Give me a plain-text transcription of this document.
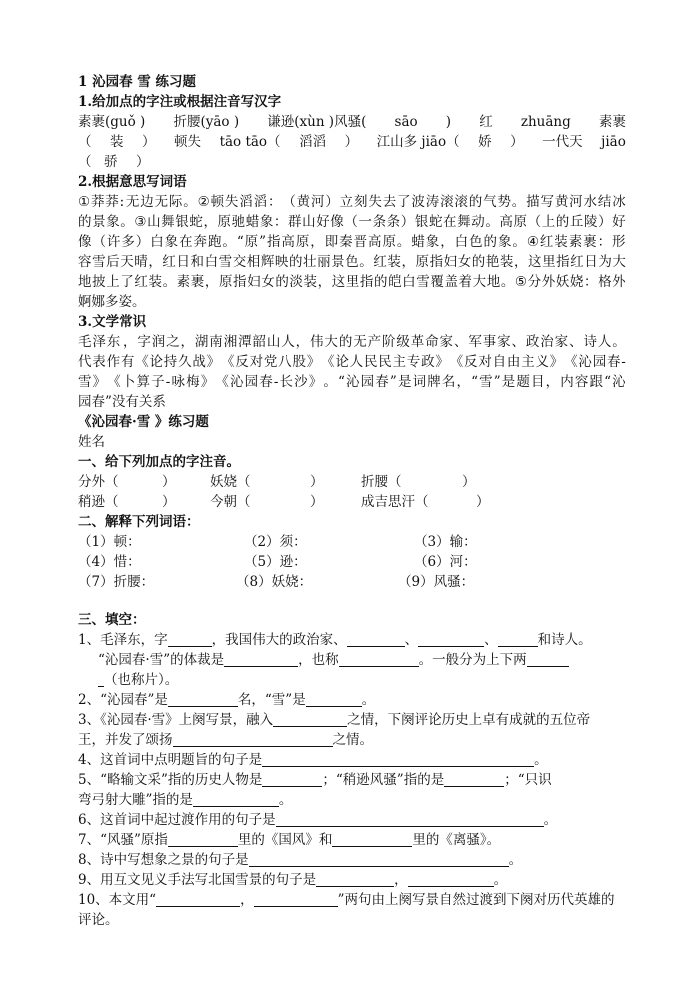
1 沁园春 雪 练习题
1.给加点的字注或根据注音写汉字
素裹(guǒ ) 折腰(yāo ) 谦逊(xùn )风骚( sāo ) 红 zhuāng 素裹
（ 装 ） 顿失 tāo tāo（ 滔滔 ） 江山多 jiāo（ 娇 ） 一代天 jiāo
（ 骄 ）
2.根据意思写词语
① 莽 莽 : 无 边 无 际 。 ② 顿 失 滔 滔 ： （ 黄 河 ） 立 刻 失 去 了 波 涛 滚 滚 的 气 势 。 描 写 黄 河 水 结 冰
的 景 象 。 ③ 山 舞 银 蛇 ， 原 驰 蜡 象 ： 群 山 好 像 （ 一 条 条 ） 银 蛇 在 舞 动 。 高 原 （ 上 的 丘 陵 ） 好
像 （ 许 多 ） 白 象 在 奔 跑 。 “ 原 ” 指 高 原 ， 即 秦 晋 高 原 。 蜡 象 ， 白 色 的 象 。 ④ 红 装 素 裹 ： 形
容 雪 后 天 晴 ， 红 日 和 白 雪 交 相 辉 映 的 壮 丽 景 色 。 红 装 ， 原 指 妇 女 的 艳 装 ， 这 里 指 红 日 为 大
地 披 上 了 红 装 。 素 裹 ， 原 指 妇 女 的 淡 装 ， 这 里 指 的 皑 白 雪 覆 盖 着 大 地 。 ⑤ 分 外 妖 娆 ： 格 外
婀娜多姿。
3.文学常识
毛 泽 东 ， 字 润 之 ， 湖 南 湘 潭 韶 山 人 ， 伟 大 的 无 产 阶 级 革 命 家 、 军 事 家 、 政 治 家 、 诗 人 。
代 表 作 有 《 论 持 久 战 》 《 反 对 党 八 股 》 《 论 人 民 民 主 专 政 》 《 反 对 自 由 主 义 》 《 沁 园 春 -
雪 》 《 卜 算 子 - 咏 梅 》 《 沁 园 春 - 长 沙 》 。 “ 沁 园 春 ” 是 词 牌 名 ， “ 雪 ” 是 题 目 ， 内 容 跟 “ 沁
园春”没有关系
《沁园春·雪 》练习题
姓名
一、给下列加点的字注音。
分外（	）	妖娆（	）	折腰（	）
稍逊（	）	今朝（	）	成吉思汗（	）
二、解释下列词语：
（1）顿：	（2）须：	（3）输：
（4）惜：	（5）逊：	（6）河：
（7）折腰：	（8）妖娆：	（9）风骚：
三、填空：
1、毛泽东，字	，我国伟大的政治家、	、	、	和诗人。
“沁园春·雪”的体裁是	，也称	。一般分为上下两
（也称片）。
2、“沁园春”是	名，“雪”是	。
3、《沁园春·雪》上阕写景，融入	之情，下阕评论历史上卓有成就的五位帝
王，并发了颂扬	之情。
4、这首词中点明题旨的句子是	。
5、“略输文采”指的历史人物是	；“稍逊风骚”指的是	；“只识
弯弓射大雕”指的是	。
6、这首词中起过渡作用的句子是	。
7、“风骚”原指	里的《国风》和	里的《离骚》。
8、诗中写想象之景的句子是	。
9、用互文见义手法写北国雪景的句子是	，	。
10、本文用“	，	”两句由上阕写景自然过渡到下阕对历代英雄的
评论。
